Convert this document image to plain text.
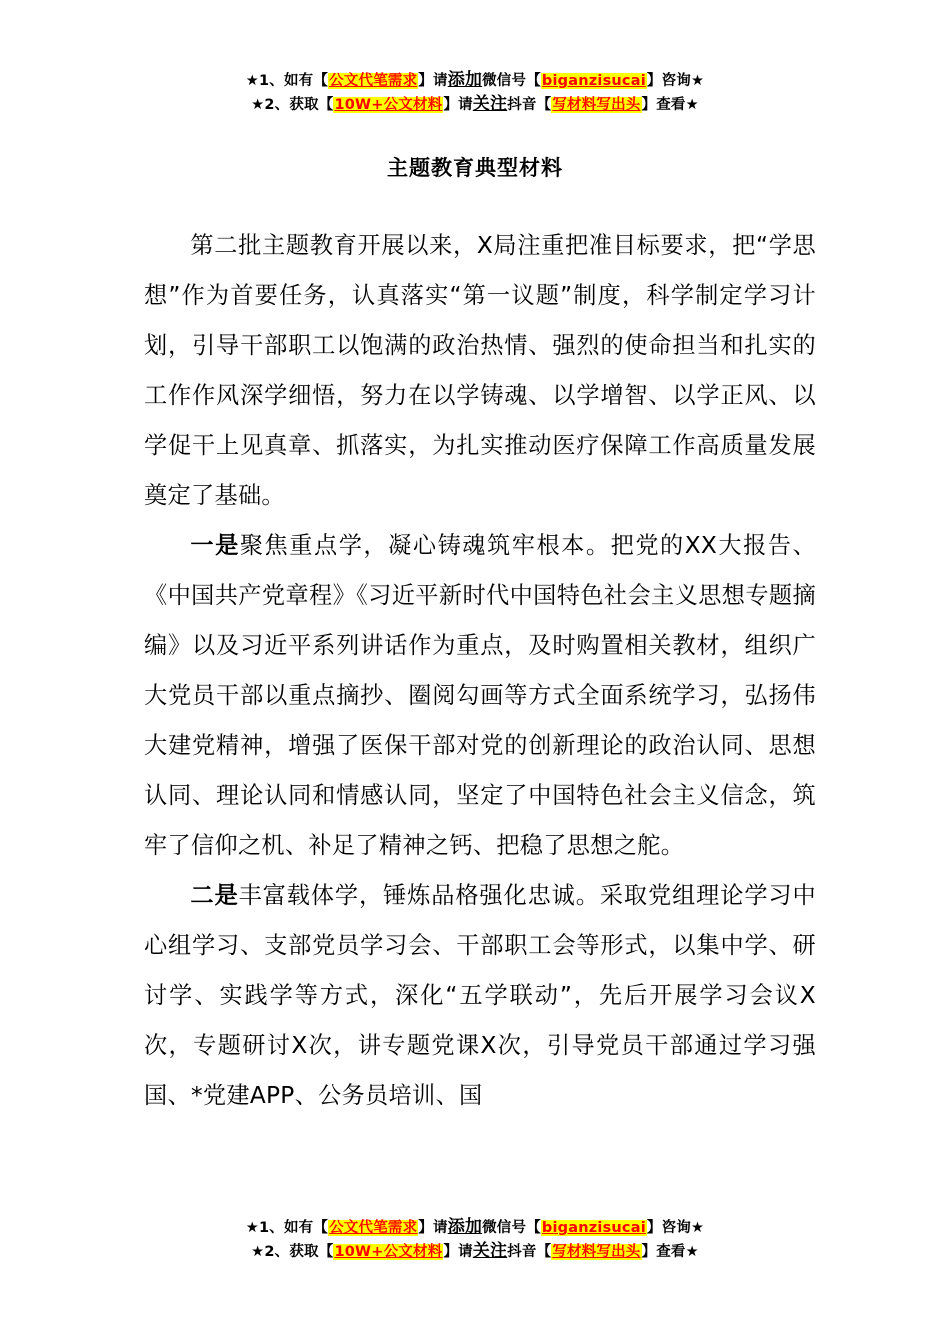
★1、如有【公文代笔需求】请添加微信号【biganzisucai】咨询★
★2、获取【10W+公文材料】请关注抖音【写材料写出头】查看★
主题教育典型材料

第二批主题教育开展以来，X局注重把准目标要求，把“学思想”作为首要任务，认真落实“第一议题”制度，科学制定学习计划，引导干部职工以饱满的政治热情、强烈的使命担当和扎实的工作作风深学细悟，努力在以学铸魂、以学增智、以学正风、以学促干上见真章、抓落实，为扎实推动医疗保障工作高质量发展奠定了基础。

一是聚焦重点学，凝心铸魂筑牢根本。把党的XX大报告、《中国共产党章程》《习近平新时代中国特色社会主义思想专题摘编》以及习近平系列讲话作为重点，及时购置相关教材，组织广大党员干部以重点摘抄、圈阅勾画等方式全面系统学习，弘扬伟大建党精神，增强了医保干部对党的创新理论的政治认同、思想认同、理论认同和情感认同，坚定了中国特色社会主义信念，筑牢了信仰之机、补足了精神之钙、把稳了思想之舵。

二是丰富载体学，锤炼品格强化忠诚。采取党组理论学习中心组学习、支部党员学习会、干部职工会等形式，以集中学、研讨学、实践学等方式，深化“五学联动”，先后开展学习会议X次，专题研讨X次，讲专题党课X次，引导党员干部通过学习强国、*党建APP、公务员培训、国

★1、如有【公文代笔需求】请添加微信号【biganzisucai】咨询★
★2、获取【10W+公文材料】请关注抖音【写材料写出头】查看★
